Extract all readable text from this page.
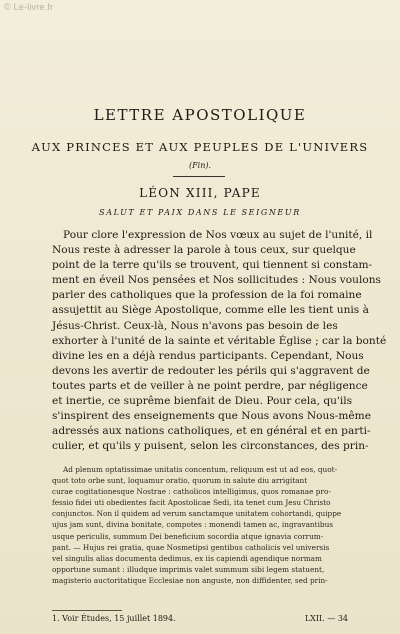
© Le-livre.fr
LETTRE APOSTOLIQUE
AUX PRINCES ET AUX PEUPLES DE L'UNIVERS
(Fin).
LÉON XIII, PAPE
SALUT ET PAIX DANS LE SEIGNEUR
Pour clore l'expression de Nos vœux au sujet de l'unité, il
Nous reste à adresser la parole à tous ceux, sur quelque
point de la terre qu'ils se trouvent, qui tiennent si constam-
ment en éveil Nos pensées et Nos sollicitudes : Nous voulons
parler des catholiques que la profession de la foi romaine
assujettit au Siège Apostolique, comme elle les tient unis à
Jésus-Christ. Ceux-là, Nous n'avons pas besoin de les
exhorter à l'unité de la sainte et véritable Église ; car la bonté
divine les en a déjà rendus participants. Cependant, Nous
devons les avertir de redouter les périls qui s'aggravent de
toutes parts et de veiller à ne point perdre, par négligence
et inertie, ce suprême bienfait de Dieu. Pour cela, qu'ils
s'inspirent des enseignements que Nous avons Nous-même
adressés aux nations catholiques, et en général et en parti-
culier, et qu'ils y puisent, selon les circonstances, des prin-
Ad plenum optatissimae unitatis concentum, reliquum est ut ad eos, quot-
quot toto orbe sunt, loquamur oratio, quorum in salute diu arrigitant
curae cogitationesque Nostrae : catholicos intelligimus, quos romanae pro-
fessio fidei uti obedientes facit Apostolicae Sedi, ita tenet cum Jesu Christo
conjunctos. Non il quidem ad verum sanctamque unitatem cohortandi, quippe
ujus jam sunt, divina bonitate, compotes : monendi tamen ac, ingravantibus
usque periculis, summum Dei beneficium socordia atque ignavia corrum-
pant. — Hujus rei gratia, quae Nosmetipsi gentibus catholicis vel universis
vel singulis alias documenta dedimus, ex iis capiendi agendique normam
opportune sumant : illudque imprimis valet summum sibi legem statuent,
magisterio auctoritatique Ecclesiae non anguste, non diffidenter, sed prin-
1. Voir Études, 15 juillet 1894.	LXII. — 34
